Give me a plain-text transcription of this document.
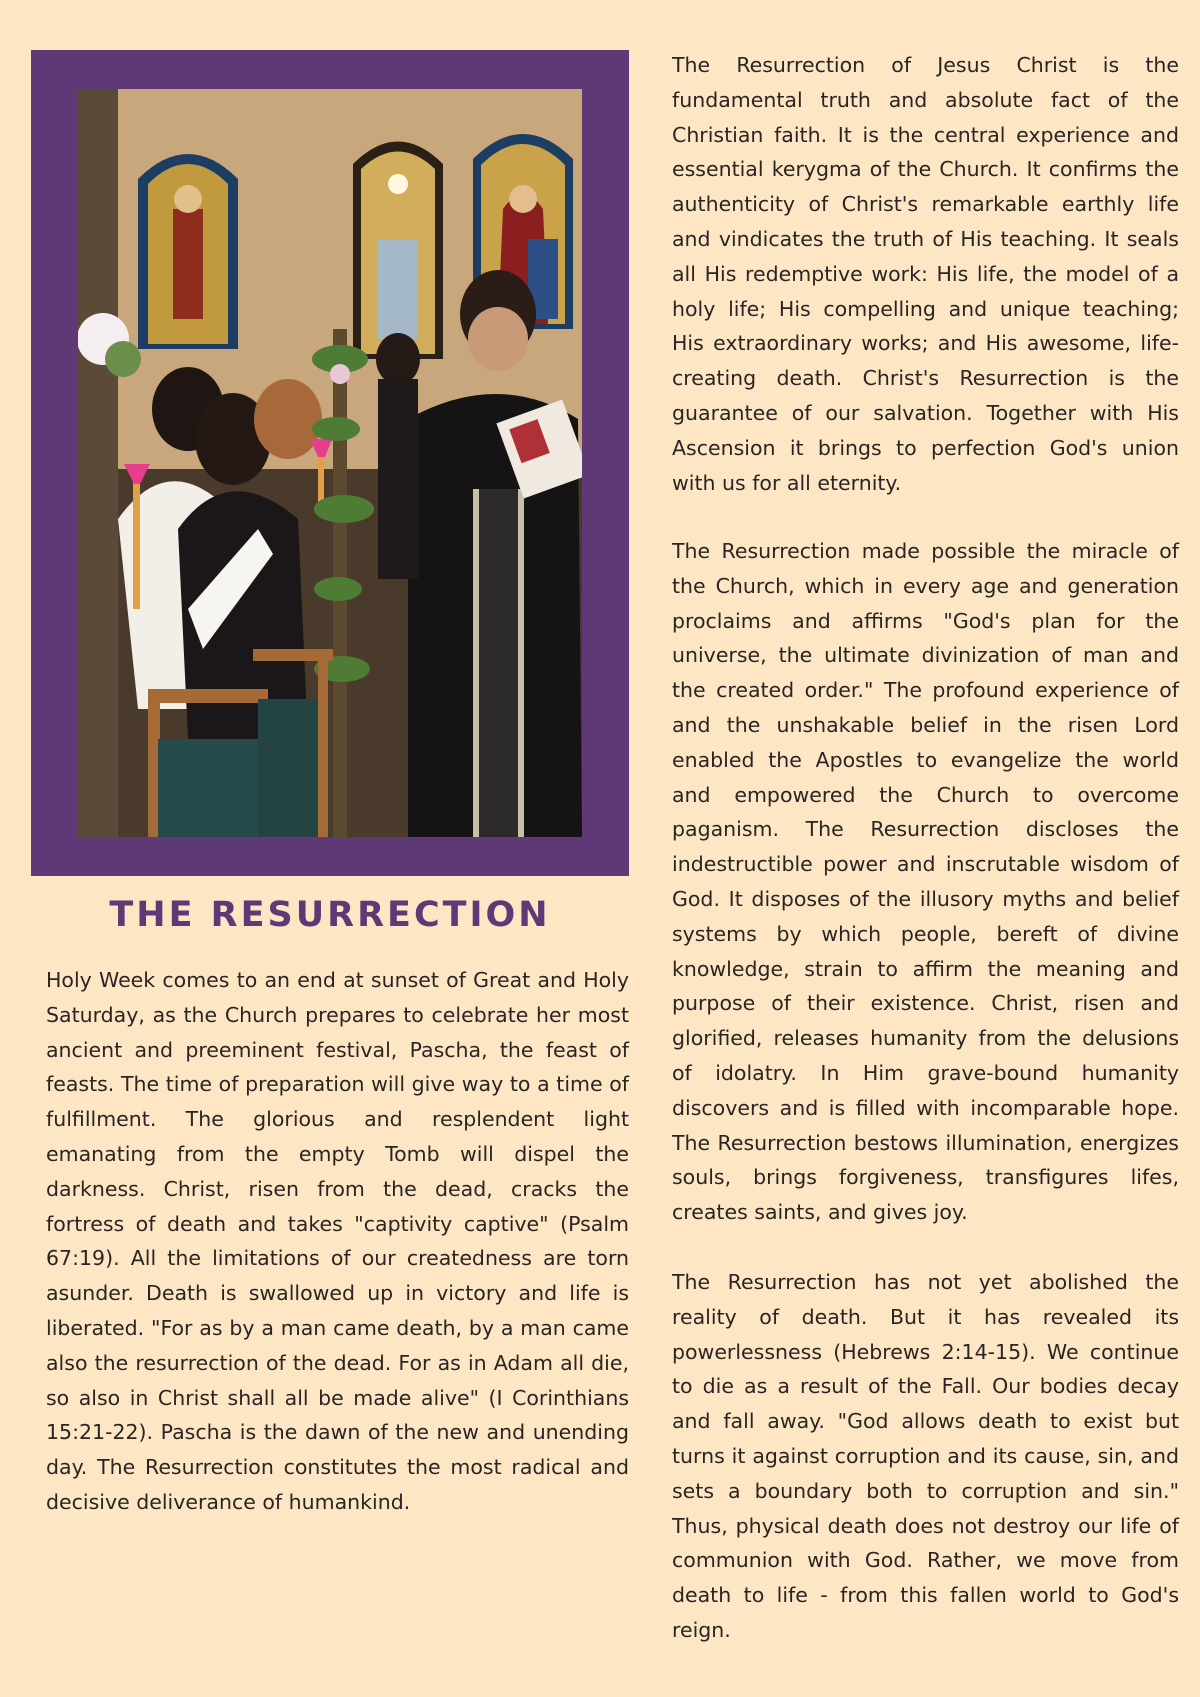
THE RESURRECTION

Holy Week comes to an end at sunset of Great and Holy Saturday, as the Church prepares to celebrate her most ancient and preeminent festival, Pascha, the feast of feasts. The time of preparation will give way to a time of fulfillment. The glorious and resplendent light emanating from the empty Tomb will dispel the darkness. Christ, risen from the dead, cracks the fortress of death and takes "captivity captive" (Psalm 67:19). All the limitations of our createdness are torn asunder. Death is swallowed up in victory and life is liberated. "For as by a man came death, by a man came also the resurrection of the dead. For as in Adam all die, so also in Christ shall all be made alive" (I Corinthians 15:21-22). Pascha is the dawn of the new and unending day. The Resurrection constitutes the most radical and decisive deliverance of humankind.

The Resurrection of Jesus Christ is the fundamental truth and absolute fact of the Christian faith. It is the central experience and essential kerygma of the Church. It confirms the authenticity of Christ's remarkable earthly life and vindicates the truth of His teaching. It seals all His redemptive work: His life, the model of a holy life; His compelling and unique teaching; His extraordinary works; and His awesome, life-creating death. Christ's Resurrection is the guarantee of our salvation. Together with His Ascension it brings to perfection God's union with us for all eternity.

The Resurrection made possible the miracle of the Church, which in every age and generation proclaims and affirms "God's plan for the universe, the ultimate divinization of man and the created order." The profound experience of and the unshakable belief in the risen Lord enabled the Apostles to evangelize the world and empowered the Church to overcome paganism. The Resurrection discloses the indestructible power and inscrutable wisdom of God. It disposes of the illusory myths and belief systems by which people, bereft of divine knowledge, strain to affirm the meaning and purpose of their existence. Christ, risen and glorified, releases humanity from the delusions of idolatry. In Him grave-bound humanity discovers and is filled with incomparable hope. The Resurrection bestows illumination, energizes souls, brings forgiveness, transfigures lifes, creates saints, and gives joy.

The Resurrection has not yet abolished the reality of death. But it has revealed its powerlessness (Hebrews 2:14-15). We continue to die as a result of the Fall. Our bodies decay and fall away. "God allows death to exist but turns it against corruption and its cause, sin, and sets a boundary both to corruption and sin." Thus, physical death does not destroy our life of communion with God. Rather, we move from death to life - from this fallen world to God's reign.
